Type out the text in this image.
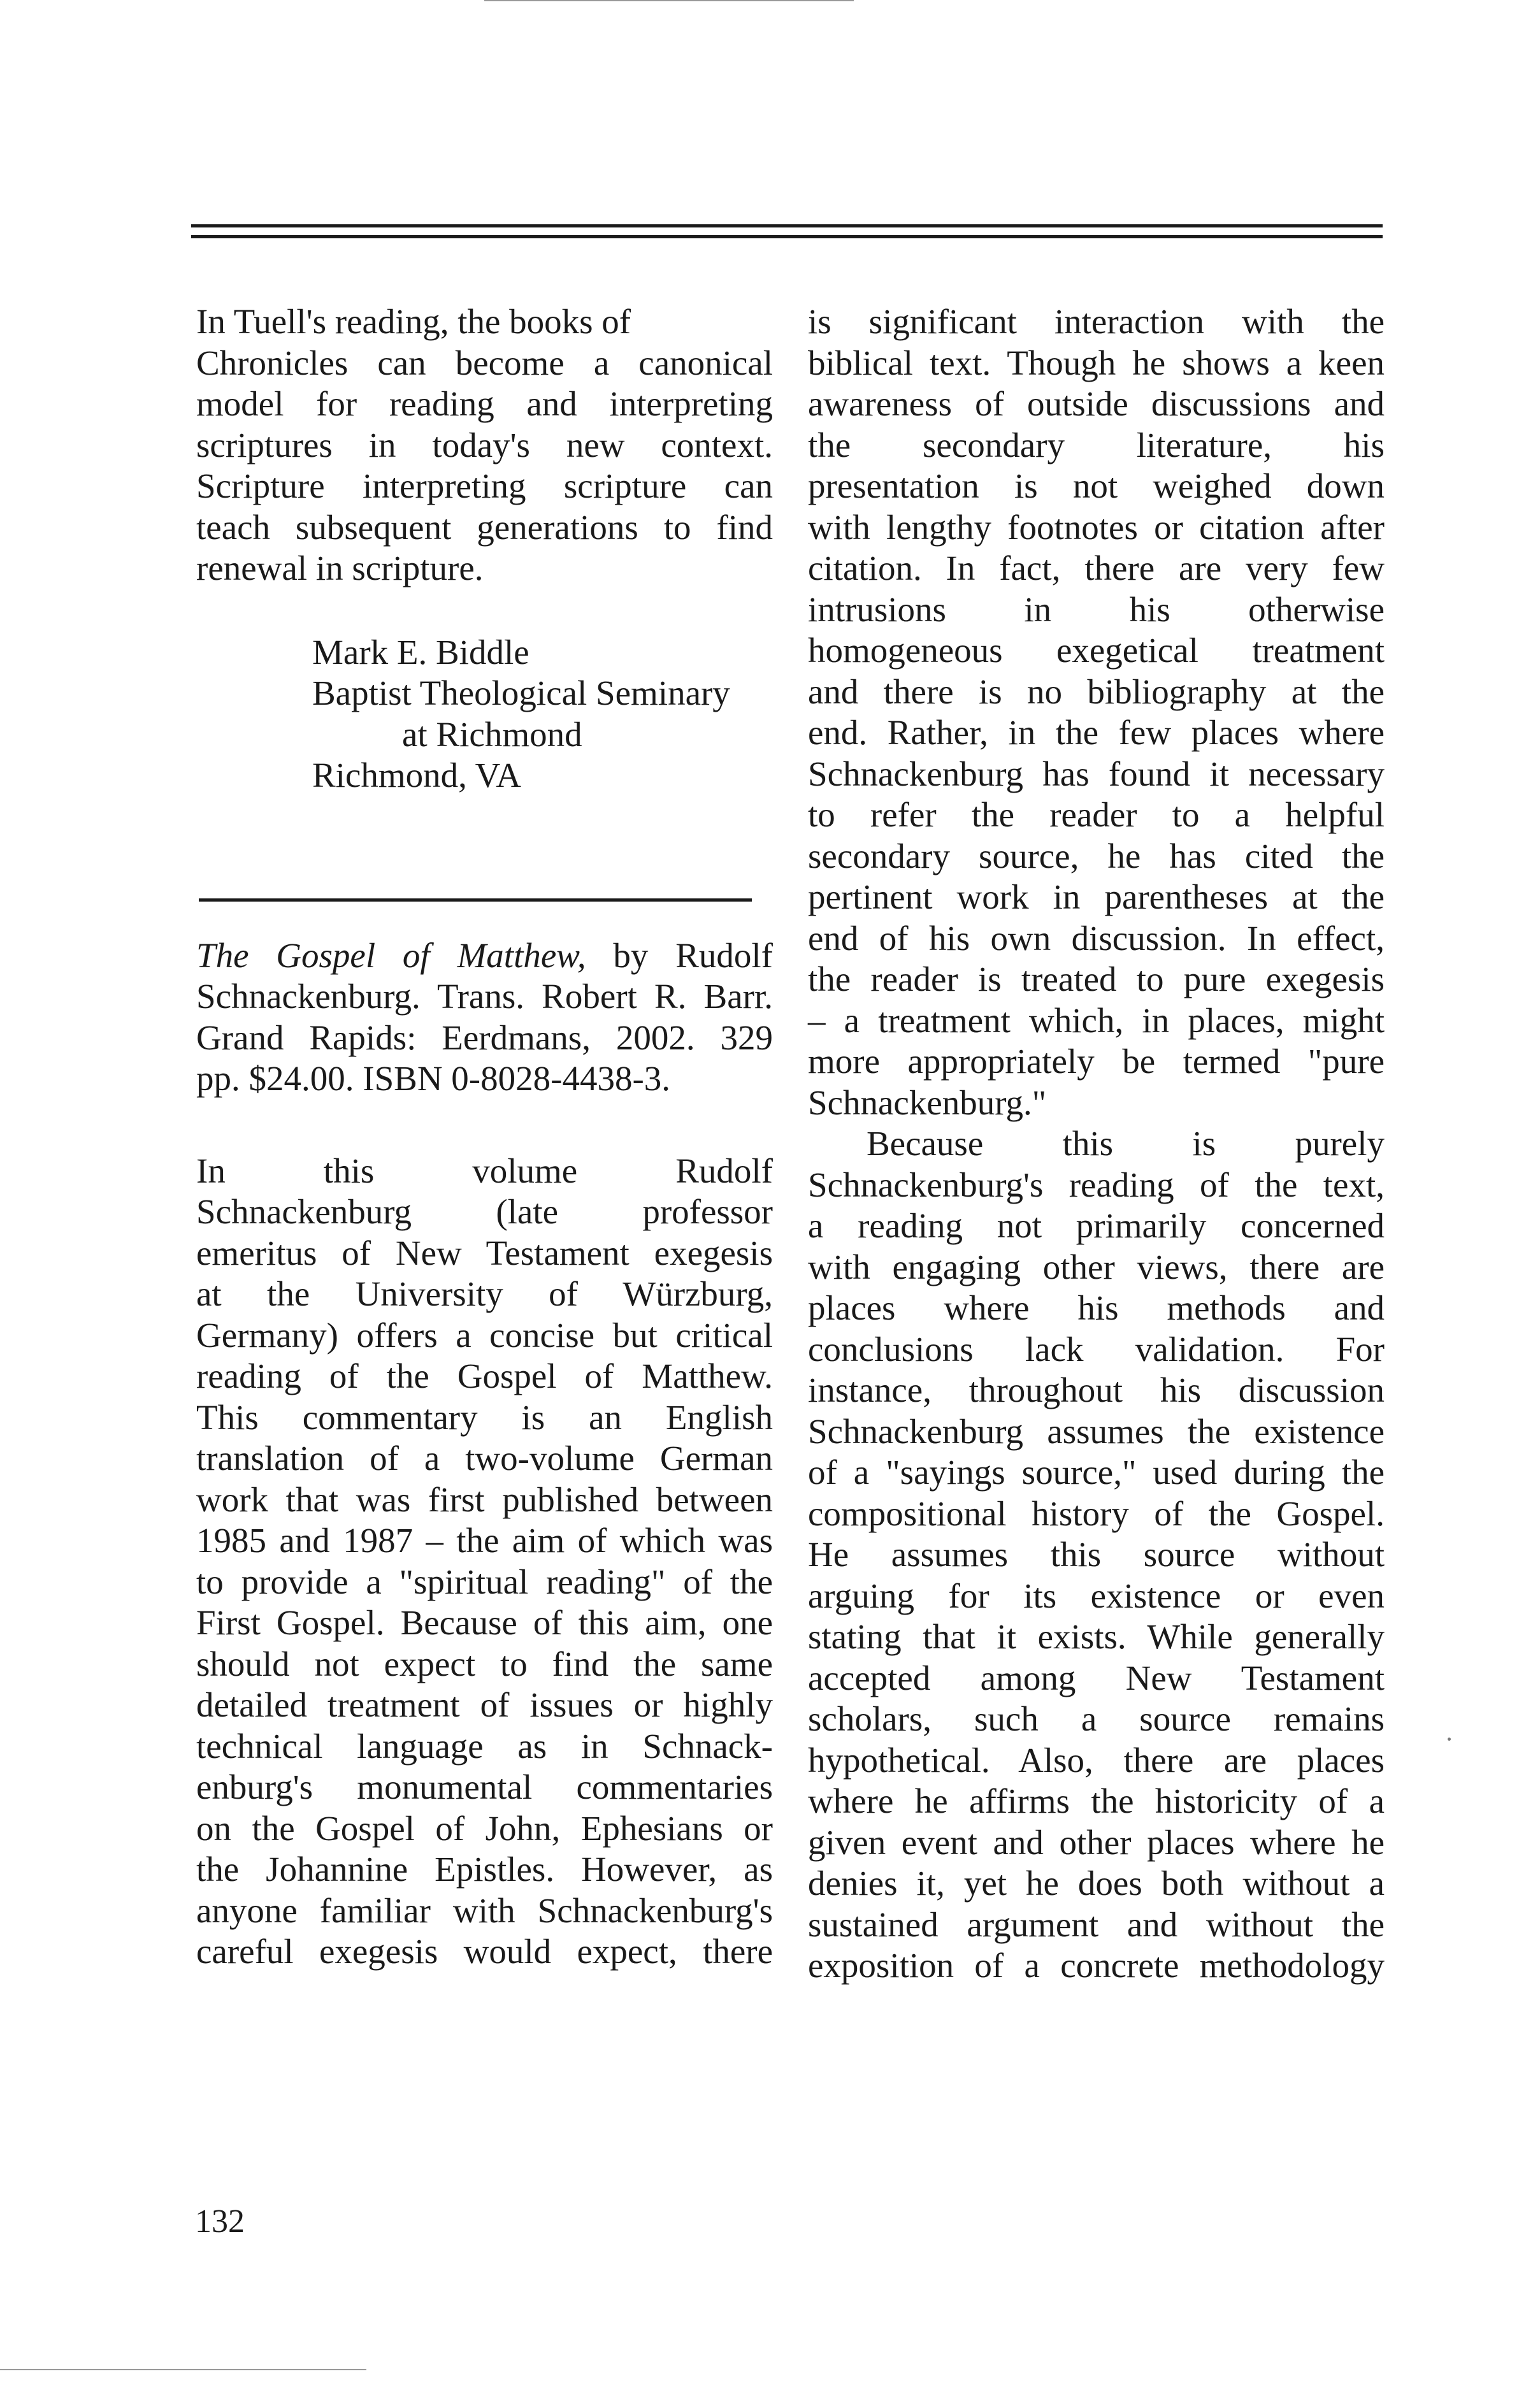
In Tuell's reading, the books of
Chronicles can become a canonical
model for reading and interpreting
scriptures in today's new context.
Scripture interpreting scripture can
teach subsequent generations to find
renewal in scripture.
Mark E. Biddle
Baptist Theological Seminary
at Richmond
Richmond, VA
The Gospel of Matthew, by Rudolf
Schnackenburg. Trans. Robert R. Barr.
Grand Rapids: Eerdmans, 2002. 329
pp. $24.00. ISBN 0-8028-4438-3.
In this volume Rudolf
Schnackenburg (late professor
emeritus of New Testament exegesis
at the University of Würzburg,
Germany) offers a concise but critical
reading of the Gospel of Matthew.
This commentary is an English
translation of a two-volume German
work that was first published between
1985 and 1987 – the aim of which was
to provide a "spiritual reading" of the
First Gospel. Because of this aim, one
should not expect to find the same
detailed treatment of issues or highly
technical language as in Schnack-
enburg's monumental commentaries
on the Gospel of John, Ephesians or
the Johannine Epistles. However, as
anyone familiar with Schnackenburg's
careful exegesis would expect, there
is significant interaction with the
biblical text. Though he shows a keen
awareness of outside discussions and
the secondary literature, his
presentation is not weighed down
with lengthy footnotes or citation after
citation. In fact, there are very few
intrusions in his otherwise
homogeneous exegetical treatment
and there is no bibliography at the
end. Rather, in the few places where
Schnackenburg has found it necessary
to refer the reader to a helpful
secondary source, he has cited the
pertinent work in parentheses at the
end of his own discussion. In effect,
the reader is treated to pure exegesis
– a treatment which, in places, might
more appropriately be termed "pure
Schnackenburg."
Because this is purely
Schnackenburg's reading of the text,
a reading not primarily concerned
with engaging other views, there are
places where his methods and
conclusions lack validation. For
instance, throughout his discussion
Schnackenburg assumes the existence
of a "sayings source," used during the
compositional history of the Gospel.
He assumes this source without
arguing for its existence or even
stating that it exists. While generally
accepted among New Testament
scholars, such a source remains
hypothetical. Also, there are places
where he affirms the historicity of a
given event and other places where he
denies it, yet he does both without a
sustained argument and without the
exposition of a concrete methodology
132
